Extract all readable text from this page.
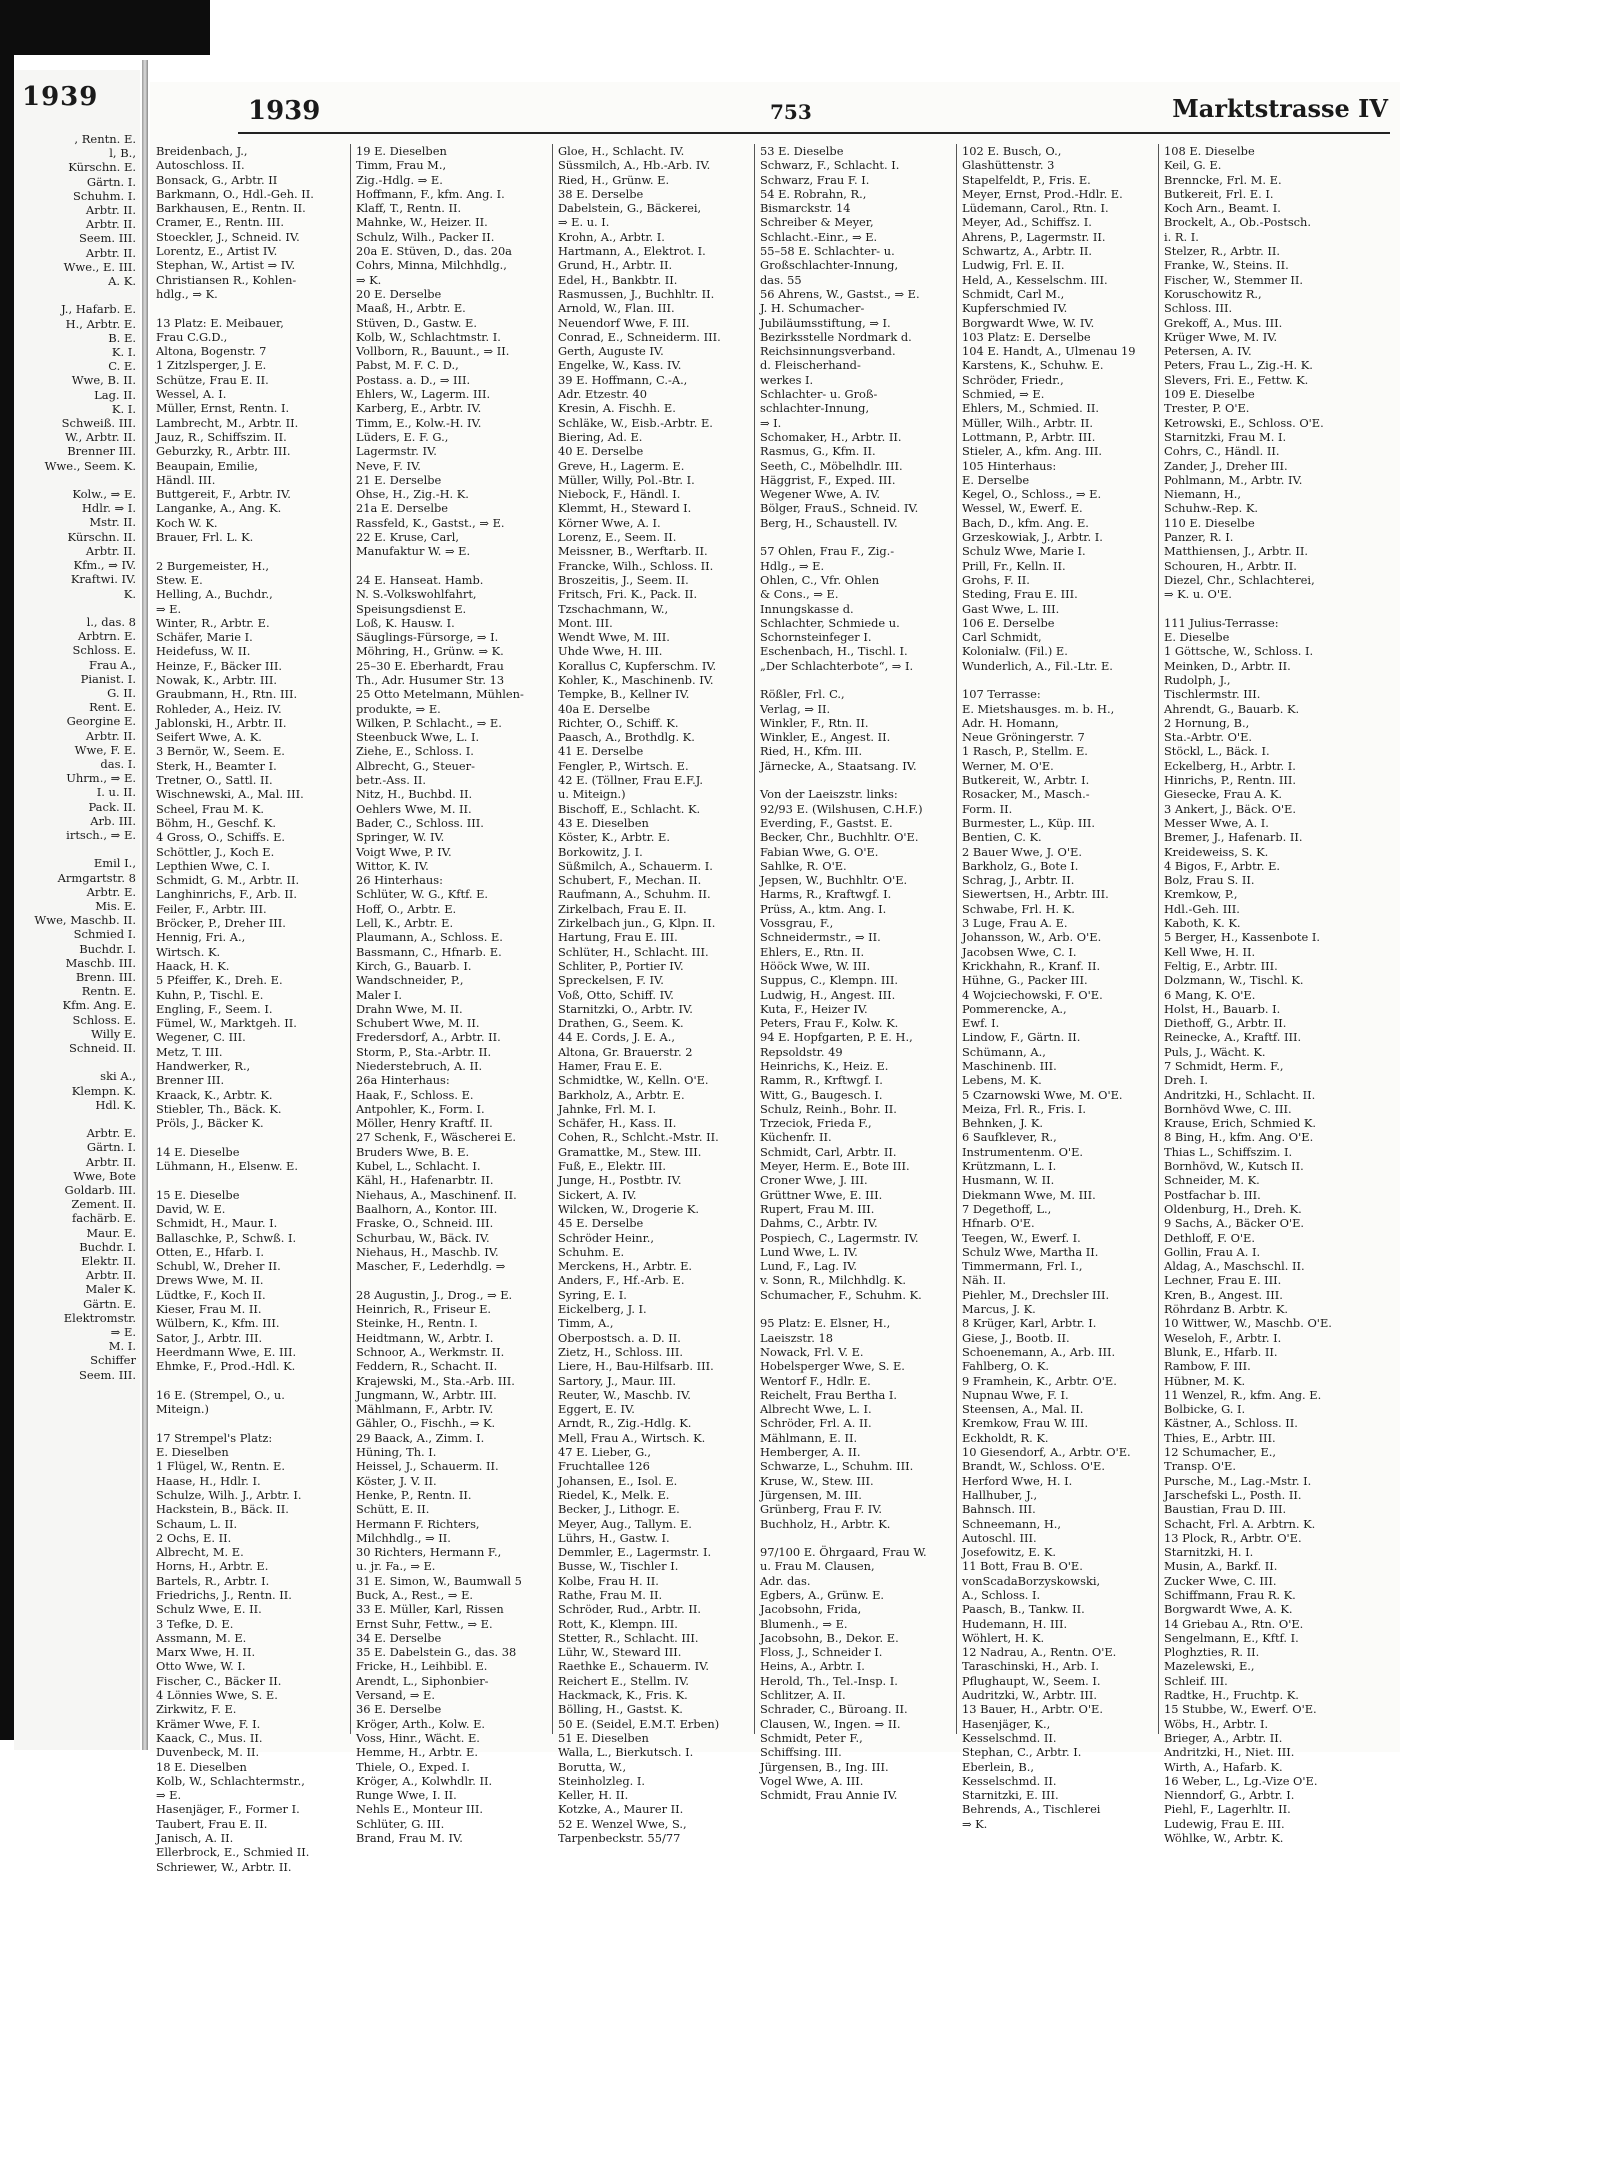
1939
, Rentn. E.
l, B.,
Kürschn. E.
Gärtn. I.
Schuhm. I.
Arbtr. II.
Arbtr. II.
Seem. III.
Arbtr. II.
Wwe., E. III.
A. K.

J., Hafarb. E.
H., Arbtr. E.
B. E.
K. I.
C. E.
Wwe, B. II.
Lag. II.
K. I.
Schweiß. III.
W., Arbtr. II.
Brenner III.
Wwe., Seem. K.

Kolw., ⇒ E.
Hdlr. ⇒ I.
Mstr. II.
Kürschn. II.
Arbtr. II.
Kfm., ⇒ IV.
Kraftwi. IV.
K.

l., das. 8
Arbtrn. E.
Schloss. E.
Frau A.,
Pianist. I.
G. II.
Rent. E.
Georgine E.
Arbtr. II.
Wwe, F. E.
das. I.
Uhrm., ⇒ E.
I. u. II.
Pack. II.
Arb. III.
irtsch., ⇒ E.

Emil I.,
Armgartstr. 8
Arbtr. E.
Mis. E.
Wwe, Maschb. II.
Schmied I.
Buchdr. I.
Maschb. III.
Brenn. III.
Rentn. E.
Kfm. Ang. E.
Schloss. E.
Willy E.
Schneid. II.

ski A.,
Klempn. K.
Hdl. K.

Arbtr. E.
Gärtn. I.
Arbtr. II.
Wwe, Bote
Goldarb. III.
Zement. II.
fachärb. E.
Maur. E.
Buchdr. I.
Elektr. II.
Arbtr. II.
Maler K.
Gärtn. E.
Elektromstr.
⇒ E.
M. I.
Schiffer
Seem. III.
1939	753	Marktstrasse IV
Breidenbach, J.,
Autoschloss. II.
Bonsack, G., Arbtr. II
Barkmann, O., Hdl.-Geh. II.
Barkhausen, E., Rentn. II.
Cramer, E., Rentn. III.
Stoeckler, J., Schneid. IV.
Lorentz, E., Artist IV.
Stephan, W., Artist ⇒ IV.
Christiansen R., Kohlen-
hdlg., ⇒ K.

13 Platz: E. Meibauer,
Frau C.G.D.,
Altona, Bogenstr. 7
1 Zitzlsperger, J. E.
Schütze, Frau E. II.
Wessel, A. I.
Müller, Ernst, Rentn. I.
Lambrecht, M., Arbtr. II.
Jauz, R., Schiffszim. II.
Geburzky, R., Arbtr. III.
Beaupain, Emilie,
Händl. III.
Buttgereit, F., Arbtr. IV.
Langanke, A., Ang. K.
Koch W. K.
Brauer, Frl. L. K.

2 Burgemeister, H.,
Stew. E.
Helling, A., Buchdr.,
⇒ E.
Winter, R., Arbtr. E.
Schäfer, Marie I.
Heidefuss, W. II.
Heinze, F., Bäcker III.
Nowak, K., Arbtr. III.
Graubmann, H., Rtn. III.
Rohleder, A., Heiz. IV.
Jablonski, H., Arbtr. II.
Seifert Wwe, A. K.
3 Bernör, W., Seem. E.
Sterk, H., Beamter I.
Tretner, O., Sattl. II.
Wischnewski, A., Mal. III.
Scheel, Frau M. K.
Böhm, H., Geschf. K.
4 Gross, O., Schiffs. E.
Schöttler, J., Koch E.
Lepthien Wwe, C. I.
Schmidt, G. M., Arbtr. II.
Langhinrichs, F., Arb. II.
Feiler, F., Arbtr. III.
Bröcker, P., Dreher III.
Hennig, Fri. A.,
Wirtsch. K.
Haack, H. K.
5 Pfeiffer, K., Dreh. E.
Kuhn, P., Tischl. E.
Engling, F., Seem. I.
Fümel, W., Marktgeh. II.
Wegener, C. III.
Metz, T. III.
Handwerker, R.,
Brenner III.
Kraack, K., Arbtr. K.
Stiebler, Th., Bäck. K.
Pröls, J., Bäcker K.

14 E. Dieselbe
Lühmann, H., Elsenw. E.

15 E. Dieselbe
David, W. E.
Schmidt, H., Maur. I.
Ballaschke, P., Schwß. I.
Otten, E., Hfarb. I.
Schubl, W., Dreher II.
Drews Wwe, M. II.
Lüdtke, F., Koch II.
Kieser, Frau M. II.
Wülbern, K., Kfm. III.
Sator, J., Arbtr. III.
Heerdmann Wwe, E. III.
Ehmke, F., Prod.-Hdl. K.

16 E. (Strempel, O., u.
Miteign.)

17 Strempel's Platz:
E. Dieselben
1 Flügel, W., Rentn. E.
Haase, H., Hdlr. I.
Schulze, Wilh. J., Arbtr. I.
Hackstein, B., Bäck. II.
Schaum, L. II.
2 Ochs, E. II.
Albrecht, M. E.
Horns, H., Arbtr. E.
Bartels, R., Arbtr. I.
Friedrichs, J., Rentn. II.
Schulz Wwe, E. II.
3 Tefke, D. E.
Assmann, M. E.
Marx Wwe, H. II.
Otto Wwe, W. I.
Fischer, C., Bäcker II.
4 Lönnies Wwe, S. E.
Zirkwitz, F. E.
Krämer Wwe, F. I.
Kaack, C., Mus. II.
Duvenbeck, M. II.
18 E. Dieselben
Kolb, W., Schlachtermstr.,
⇒ E.
Hasenjäger, F., Former I.
Taubert, Frau E. II.
Janisch, A. II.
Ellerbrock, E., Schmied II.
Schriewer, W., Arbtr. II.
19 E. Dieselben
Timm, Frau M.,
Zig.-Hdlg. ⇒ E.
Hoffmann, F., kfm. Ang. I.
Klaff, T., Rentn. II.
Mahnke, W., Heizer. II.
Schulz, Wilh., Packer II.
20a E. Stüven, D., das. 20a
Cohrs, Minna, Milchhdlg.,
⇒ K.
20 E. Derselbe
Maaß, H., Arbtr. E.
Stüven, D., Gastw. E.
Kolb, W., Schlachtmstr. I.
Vollborn, R., Bauunt., ⇒ II.
Pabst, M. F. C. D.,
Postass. a. D., ⇒ III.
Ehlers, W., Lagerm. III.
Karberg, E., Arbtr. IV.
Timm, E., Kolw.-H. IV.
Lüders, E. F. G.,
Lagermstr. IV.
Neve, F. IV.
21 E. Derselbe
Ohse, H., Zig.-H. K.
21a E. Derselbe
Rassfeld, K., Gastst., ⇒ E.
22 E. Kruse, Carl,
Manufaktur W. ⇒ E.

24 E. Hanseat. Hamb.
N. S.-Volkswohlfahrt,
Speisungsdienst E.
Loß, K. Hausw. I.
Säuglings-Fürsorge, ⇒ I.
Möhring, H., Grünw. ⇒ K.
25–30 E. Eberhardt, Frau
Th., Adr. Husumer Str. 13
25 Otto Metelmann, Mühlen-
produkte, ⇒ E.
Wilken, P. Schlacht., ⇒ E.
Steenbuck Wwe, L. I.
Ziehe, E., Schloss. I.
Albrecht, G., Steuer-
betr.-Ass. II.
Nitz, H., Buchbd. II.
Oehlers Wwe, M. II.
Bader, C., Schloss. III.
Springer, W. IV.
Voigt Wwe, P. IV.
Wittor, K. IV.
26 Hinterhaus:
Schlüter, W. G., Kftf. E.
Hoff, O., Arbtr. E.
Lell, K., Arbtr. E.
Plaumann, A., Schloss. E.
Bassmann, C., Hfnarb. E.
Kirch, G., Bauarb. I.
Wandschneider, P.,
Maler I.
Drahn Wwe, M. II.
Schubert Wwe, M. II.
Fredersdorf, A., Arbtr. II.
Storm, P., Sta.-Arbtr. II.
Niederstebruch, A. II.
26a Hinterhaus:
Haak, F., Schloss. E.
Antpohler, K., Form. I.
Möller, Henry Kraftf. II.
27 Schenk, F., Wäscherei E.
Bruders Wwe, B. E.
Kubel, L., Schlacht. I.
Kähl, H., Hafenarbtr. II.
Niehaus, A., Maschinenf. II.
Baalhorn, A., Kontor. III.
Fraske, O., Schneid. III.
Schurbau, W., Bäck. IV.
Niehaus, H., Maschb. IV.
Mascher, F., Lederhdlg. ⇒

28 Augustin, J., Drog., ⇒ E.
Heinrich, R., Friseur E.
Steinke, H., Rentn. I.
Heidtmann, W., Arbtr. I.
Schnoor, A., Werkmstr. II.
Feddern, R., Schacht. II.
Krajewski, M., Sta.-Arb. III.
Jungmann, W., Arbtr. III.
Mählmann, F., Arbtr. IV.
Gähler, O., Fischh., ⇒ K.
29 Baack, A., Zimm. I.
Hüning, Th. I.
Heissel, J., Schauerm. II.
Köster, J. V. II.
Henke, P., Rentn. II.
Schütt, E. II.
Hermann F. Richters,
Milchhdlg., ⇒ II.
30 Richters, Hermann F.,
u. jr. Fa., ⇒ E.
31 E. Simon, W., Baumwall 5
Buck, A., Rest., ⇒ E.
33 E. Müller, Karl, Rissen
Ernst Suhr, Fettw., ⇒ E.
34 E. Derselbe
35 E. Dabelstein G., das. 38
Fricke, H., Leihbibl. E.
Arendt, L., Siphonbier-
Versand, ⇒ E.
36 E. Derselbe
Kröger, Arth., Kolw. E.
Voss, Hinr., Wächt. E.
Hemme, H., Arbtr. E.
Thiele, O., Exped. I.
Kröger, A., Kolwhdlr. II.
Runge Wwe, I. II.
Nehls E., Monteur III.
Schlüter, G. III.
Brand, Frau M. IV.
Gloe, H., Schlacht. IV.
Süssmilch, A., Hb.-Arb. IV.
Ried, H., Grünw. E.
38 E. Derselbe
Dabelstein, G., Bäckerei,
⇒ E. u. I.
Krohn, A., Arbtr. I.
Hartmann, A., Elektrot. I.
Grund, H., Arbtr. II.
Edel, H., Bankbtr. II.
Rasmussen, J., Buchhltr. II.
Arnold, W., Flan. III.
Neuendorf Wwe, F. III.
Conrad, E., Schneiderm. III.
Gerth, Auguste IV.
Engelke, W., Kass. IV.
39 E. Hoffmann, C.-A.,
Adr. Etzestr. 40
Kresin, A. Fischh. E.
Schläke, W., Eisb.-Arbtr. E.
Biering, Ad. E.
40 E. Derselbe
Greve, H., Lagerm. E.
Müller, Willy, Pol.-Btr. I.
Niebock, F., Händl. I.
Klemmt, H., Steward I.
Körner Wwe, A. I.
Lorenz, E., Seem. II.
Meissner, B., Werftarb. II.
Francke, Wilh., Schloss. II.
Broszeitis, J., Seem. II.
Fritsch, Fri. K., Pack. II.
Tzschachmann, W.,
Mont. III.
Wendt Wwe, M. III.
Uhde Wwe, H. III.
Korallus C, Kupferschm. IV.
Kohler, K., Maschinenb. IV.
Tempke, B., Kellner IV.
40a E. Derselbe
Richter, O., Schiff. K.
Paasch, A., Brothdlg. K.
41 E. Derselbe
Fengler, P., Wirtsch. E.
42 E. (Töllner, Frau E.F.J.
u. Miteign.)
Bischoff, E., Schlacht. K.
43 E. Dieselben
Köster, K., Arbtr. E.
Borkowitz, J. I.
Süßmilch, A., Schauerm. I.
Schubert, F., Mechan. II.
Raufmann, A., Schuhm. II.
Zirkelbach, Frau E. II.
Zirkelbach jun., G, Klpn. II.
Hartung, Frau E. III.
Schlüter, H., Schlacht. III.
Schliter, P., Portier IV.
Spreckelsen, F. IV.
Voß, Otto, Schiff. IV.
Starnitzki, O., Arbtr. IV.
Drathen, G., Seem. K.
44 E. Cords, J. E. A.,
Altona, Gr. Brauerstr. 2
Hamer, Frau E. E.
Schmidtke, W., Kelln. O'E.
Barkholz, A., Arbtr. E.
Jahnke, Frl. M. I.
Schäfer, H., Kass. II.
Cohen, R., Schlcht.-Mstr. II.
Gramattke, M., Stew. III.
Fuß, E., Elektr. III.
Junge, H., Postbtr. IV.
Sickert, A. IV.
Wilcken, W., Drogerie K.
45 E. Derselbe
Schröder Heinr.,
Schuhm. E.
Merckens, H., Arbtr. E.
Anders, F., Hf.-Arb. E.
Syring, E. I.
Eickelberg, J. I.
Timm, A.,
Oberpostsch. a. D. II.
Zietz, H., Schloss. III.
Liere, H., Bau-Hilfsarb. III.
Sartory, J., Maur. III.
Reuter, W., Maschb. IV.
Eggert, E. IV.
Arndt, R., Zig.-Hdlg. K.
Mell, Frau A., Wirtsch. K.
47 E. Lieber, G.,
Fruchtallee 126
Johansen, E., Isol. E.
Riedel, K., Melk. E.
Becker, J., Lithogr. E.
Meyer, Aug., Tallym. E.
Lührs, H., Gastw. I.
Demmler, E., Lagermstr. I.
Busse, W., Tischler I.
Kolbe, Frau H. II.
Rathe, Frau M. II.
Schröder, Rud., Arbtr. II.
Rott, K., Klempn. III.
Stetter, R., Schlacht. III.
Lühr, W., Steward III.
Raethke E., Schauerm. IV.
Reichert E., Stellm. IV.
Hackmack, K., Fris. K.
Bölling, H., Gastst. K.
50 E. (Seidel, E.M.T. Erben)
51 E. Dieselben
Walla, L., Bierkutsch. I.
Borutta, W.,
Steinholzleg. I.
Keller, H. II.
Kotzke, A., Maurer II.
52 E. Wenzel Wwe, S.,
Tarpenbeckstr. 55/77
53 E. Dieselbe
Schwarz, F., Schlacht. I.
Schwarz, Frau F. I.
54 E. Robrahn, R.,
Bismarckstr. 14
Schreiber & Meyer,
Schlacht.-Einr., ⇒ E.
55–58 E. Schlachter- u.
Großschlachter-Innung,
das. 55
56 Ahrens, W., Gastst., ⇒ E.
J. H. Schumacher-
Jubiläumsstiftung, ⇒ I.
Bezirksstelle Nordmark d.
Reichsinnungsverband.
d. Fleischerhand-
werkes I.
Schlachter- u. Groß-
schlachter-Innung,
⇒ I.
Schomaker, H., Arbtr. II.
Rasmus, G., Kfm. II.
Seeth, C., Möbelhdlr. III.
Häggrist, F., Exped. III.
Wegener Wwe, A. IV.
Bölger, FrauS., Schneid. IV.
Berg, H., Schaustell. IV.

57 Ohlen, Frau F., Zig.-
Hdlg., ⇒ E.
Ohlen, C., Vfr. Ohlen
& Cons., ⇒ E.
Innungskasse d.
Schlachter, Schmiede u.
Schornsteinfeger I.
Eschenbach, H., Tischl. I.
„Der Schlachterbote“, ⇒ I.

Rößler, Frl. C.,
Verlag, ⇒ II.
Winkler, F., Rtn. II.
Winkler, E., Angest. II.
Ried, H., Kfm. III.
Järnecke, A., Staatsang. IV.

Von der Laeiszstr. links:
92/93 E. (Wilshusen, C.H.F.)
Everding, F., Gastst. E.
Becker, Chr., Buchhltr. O'E.
Fabian Wwe, G. O'E.
Sahlke, R. O'E.
Jepsen, W., Buchhltr. O'E.
Harms, R., Kraftwgf. I.
Prüss, A., ktm. Ang. I.
Vossgrau, F.,
Schneidermstr., ⇒ II.
Ehlers, E., Rtn. II.
Hööck Wwe, W. III.
Suppus, C., Klempn. III.
Ludwig, H., Angest. III.
Kuta, F., Heizer IV.
Peters, Frau F., Kolw. K.
94 E. Hopfgarten, P. E. H.,
Repsoldstr. 49
Heinrichs, K., Heiz. E.
Ramm, R., Krftwgf. I.
Witt, G., Baugesch. I.
Schulz, Reinh., Bohr. II.
Trzeciok, Frieda F.,
Küchenfr. II.
Schmidt, Carl, Arbtr. II.
Meyer, Herm. E., Bote III.
Croner Wwe, J. III.
Grüttner Wwe, E. III.
Rupert, Frau M. III.
Dahms, C., Arbtr. IV.
Pospiech, C., Lagermstr. IV.
Lund Wwe, L. IV.
Lund, F., Lag. IV.
v. Sonn, R., Milchhdlg. K.
Schumacher, F., Schuhm. K.

95 Platz: E. Elsner, H.,
Laeiszstr. 18
Nowack, Frl. V. E.
Hobelsperger Wwe, S. E.
Wentorf F., Hdlr. E.
Reichelt, Frau Bertha I.
Albrecht Wwe, L. I.
Schröder, Frl. A. II.
Mählmann, E. II.
Hemberger, A. II.
Schwarze, L., Schuhm. III.
Kruse, W., Stew. III.
Jürgensen, M. III.
Grünberg, Frau F. IV.
Buchholz, H., Arbtr. K.

97/100 E. Öhrgaard, Frau W.
u. Frau M. Clausen,
Adr. das.
Egbers, A., Grünw. E.
Jacobsohn, Frida,
Blumenh., ⇒ E.
Jacobsohn, B., Dekor. E.
Floss, J., Schneider I.
Heins, A., Arbtr. I.
Herold, Th., Tel.-Insp. I.
Schlitzer, A. II.
Schrader, C., Büroang. II.
Clausen, W., Ingen. ⇒ II.
Schmidt, Peter F.,
Schiffsing. III.
Jürgensen, B., Ing. III.
Vogel Wwe, A. III.
Schmidt, Frau Annie IV.
102 E. Busch, O.,
Glashüttenstr. 3
Stapelfeldt, P., Fris. E.
Meyer, Ernst, Prod.-Hdlr. E.
Lüdemann, Carol., Rtn. I.
Meyer, Ad., Schiffsz. I.
Ahrens, P., Lagermstr. II.
Schwartz, A., Arbtr. II.
Ludwig, Frl. E. II.
Held, A., Kesselschm. III.
Schmidt, Carl M.,
Kupferschmied IV.
Borgwardt Wwe, W. IV.
103 Platz: E. Derselbe
104 E. Handt, A., Ulmenau 19
Karstens, K., Schuhw. E.
Schröder, Friedr.,
Schmied, ⇒ E.
Ehlers, M., Schmied. II.
Müller, Wilh., Arbtr. II.
Lottmann, P., Arbtr. III.
Stieler, A., kfm. Ang. III.
105 Hinterhaus:
E. Derselbe
Kegel, O., Schloss., ⇒ E.
Wessel, W., Ewerf. E.
Bach, D., kfm. Ang. E.
Grzeskowiak, J., Arbtr. I.
Schulz Wwe, Marie I.
Prill, Fr., Kelln. II.
Grohs, F. II.
Steding, Frau E. III.
Gast Wwe, L. III.
106 E. Derselbe
Carl Schmidt,
Kolonialw. (Fil.) E.
Wunderlich, A., Fil.-Ltr. E.

107 Terrasse:
E. Mietshausges. m. b. H.,
Adr. H. Homann,
Neue Gröningerstr. 7
1 Rasch, P., Stellm. E.
Werner, M. O'E.
Butkereit, W., Arbtr. I.
Rosacker, M., Masch.-
Form. II.
Burmester, L., Küp. III.
Bentien, C. K.
2 Bauer Wwe, J. O'E.
Barkholz, G., Bote I.
Schrag, J., Arbtr. II.
Siewertsen, H., Arbtr. III.
Schwabe, Frl. H. K.
3 Luge, Frau A. E.
Johansson, W., Arb. O'E.
Jacobsen Wwe, C. I.
Krickhahn, R., Kranf. II.
Hühne, G., Packer III.
4 Wojciechowski, F. O'E.
Pommerencke, A.,
Ewf. I.
Lindow, F., Gärtn. II.
Schümann, A.,
Maschinenb. III.
Lebens, M. K.
5 Czarnowski Wwe, M. O'E.
Meiza, Frl. R., Fris. I.
Behnken, J. K.
6 Saufklever, R.,
Instrumentenm. O'E.
Krützmann, L. I.
Husmann, W. II.
Diekmann Wwe, M. III.
7 Degethoff, L.,
Hfnarb. O'E.
Teegen, W., Ewerf. I.
Schulz Wwe, Martha II.
Timmermann, Frl. I.,
Näh. II.
Piehler, M., Drechsler III.
Marcus, J. K.
8 Krüger, Karl, Arbtr. I.
Giese, J., Bootb. II.
Schoenemann, A., Arb. III.
Fahlberg, O. K.
9 Framhein, K., Arbtr. O'E.
Nupnau Wwe, F. I.
Steensen, A., Mal. II.
Kremkow, Frau W. III.
Eckholdt, R. K.
10 Giesendorf, A., Arbtr. O'E.
Brandt, W., Schloss. O'E.
Herford Wwe, H. I.
Hallhuber, J.,
Bahnsch. III.
Schneemann, H.,
Autoschl. III.
Josefowitz, E. K.
11 Bott, Frau B. O'E.
vonScadaBorzyskowski,
A., Schloss. I.
Paasch, B., Tankw. II.
Hudemann, H. III.
Wöhlert, H. K.
12 Nadrau, A., Rentn. O'E.
Taraschinski, H., Arb. I.
Pflughaupt, W., Seem. I.
Audritzki, W., Arbtr. III.
13 Bauer, H., Arbtr. O'E.
Hasenjäger, K.,
Kesselschmd. II.
Stephan, C., Arbtr. I.
Eberlein, B.,
Kesselschmd. II.
Starnitzki, E. III.
Behrends, A., Tischlerei
⇒ K.
108 E. Dieselbe
Keil, G. E.
Brenncke, Frl. M. E.
Butkereit, Frl. E. I.
Koch Arn., Beamt. I.
Brockelt, A., Ob.-Postsch.
i. R. I.
Stelzer, R., Arbtr. II.
Franke, W., Steins. II.
Fischer, W., Stemmer II.
Koruschowitz R.,
Schloss. III.
Grekoff, A., Mus. III.
Krüger Wwe, M. IV.
Petersen, A. IV.
Peters, Frau L., Zig.-H. K.
Slevers, Fri. E., Fettw. K.
109 E. Dieselbe
Trester, P. O'E.
Ketrowski, E., Schloss. O'E.
Starnitzki, Frau M. I.
Cohrs, C., Händl. II.
Zander, J., Dreher III.
Pohlmann, M., Arbtr. IV.
Niemann, H.,
Schuhw.-Rep. K.
110 E. Dieselbe
Panzer, R. I.
Matthiensen, J., Arbtr. II.
Schouren, H., Arbtr. II.
Diezel, Chr., Schlachterei,
⇒ K. u. O'E.

111 Julius-Terrasse:
E. Dieselbe
1 Göttsche, W., Schloss. I.
Meinken, D., Arbtr. II.
Rudolph, J.,
Tischlermstr. III.
Ahrendt, G., Bauarb. K.
2 Hornung, B.,
Sta.-Arbtr. O'E.
Stöckl, L., Bäck. I.
Eckelberg, H., Arbtr. I.
Hinrichs, P., Rentn. III.
Giesecke, Frau A. K.
3 Ankert, J., Bäck. O'E.
Messer Wwe, A. I.
Bremer, J., Hafenarb. II.
Kreideweiss, S. K.
4 Bigos, F., Arbtr. E.
Bolz, Frau S. II.
Kremkow, P.,
Hdl.-Geh. III.
Kaboth, K. K.
5 Berger, H., Kassenbote I.
Kell Wwe, H. II.
Feltig, E., Arbtr. III.
Dolzmann, W., Tischl. K.
6 Mang, K. O'E.
Holst, H., Bauarb. I.
Diethoff, G., Arbtr. II.
Reinecke, A., Kraftf. III.
Puls, J., Wächt. K.
7 Schmidt, Herm. F.,
Dreh. I.
Andritzki, H., Schlacht. II.
Bornhövd Wwe, C. III.
Krause, Erich, Schmied K.
8 Bing, H., kfm. Ang. O'E.
Thias L., Schiffszim. I.
Bornhövd, W., Kutsch II.
Schneider, M. K.
Postfachar b. III.
Oldenburg, H., Dreh. K.
9 Sachs, A., Bäcker O'E.
Dethloff, F. O'E.
Gollin, Frau A. I.
Aldag, A., Maschschl. II.
Lechner, Frau E. III.
Kren, B., Angest. III.
Röhrdanz B. Arbtr. K.
10 Wittwer, W., Maschb. O'E.
Weseloh, F., Arbtr. I.
Blunk, E., Hfarb. II.
Rambow, F. III.
Hübner, M. K.
11 Wenzel, R., kfm. Ang. E.
Bolbicke, G. I.
Kästner, A., Schloss. II.
Thies, E., Arbtr. III.
12 Schumacher, E.,
Transp. O'E.
Pursche, M., Lag.-Mstr. I.
Jarschefski L., Posth. II.
Baustian, Frau D. III.
Schacht, Frl. A. Arbtrn. K.
13 Plock, R., Arbtr. O'E.
Starnitzki, H. I.
Musin, A., Barkf. II.
Zucker Wwe, C. III.
Schiffmann, Frau R. K.
Borgwardt Wwe, A. K.
14 Griebau A., Rtn. O'E.
Sengelmann, E., Kftf. I.
Ploghzties, R. II.
Mazelewski, E.,
Schleif. III.
Radtke, H., Fruchtp. K.
15 Stubbe, W., Ewerf. O'E.
Wöbs, H., Arbtr. I.
Brieger, A., Arbtr. II.
Andritzki, H., Niet. III.
Wirth, A., Hafarb. K.
16 Weber, L., Lg.-Vize O'E.
Nienndorf, G., Arbtr. I.
Piehl, F., Lagerhltr. II.
Ludewig, Frau E. III.
Wöhlke, W., Arbtr. K.
